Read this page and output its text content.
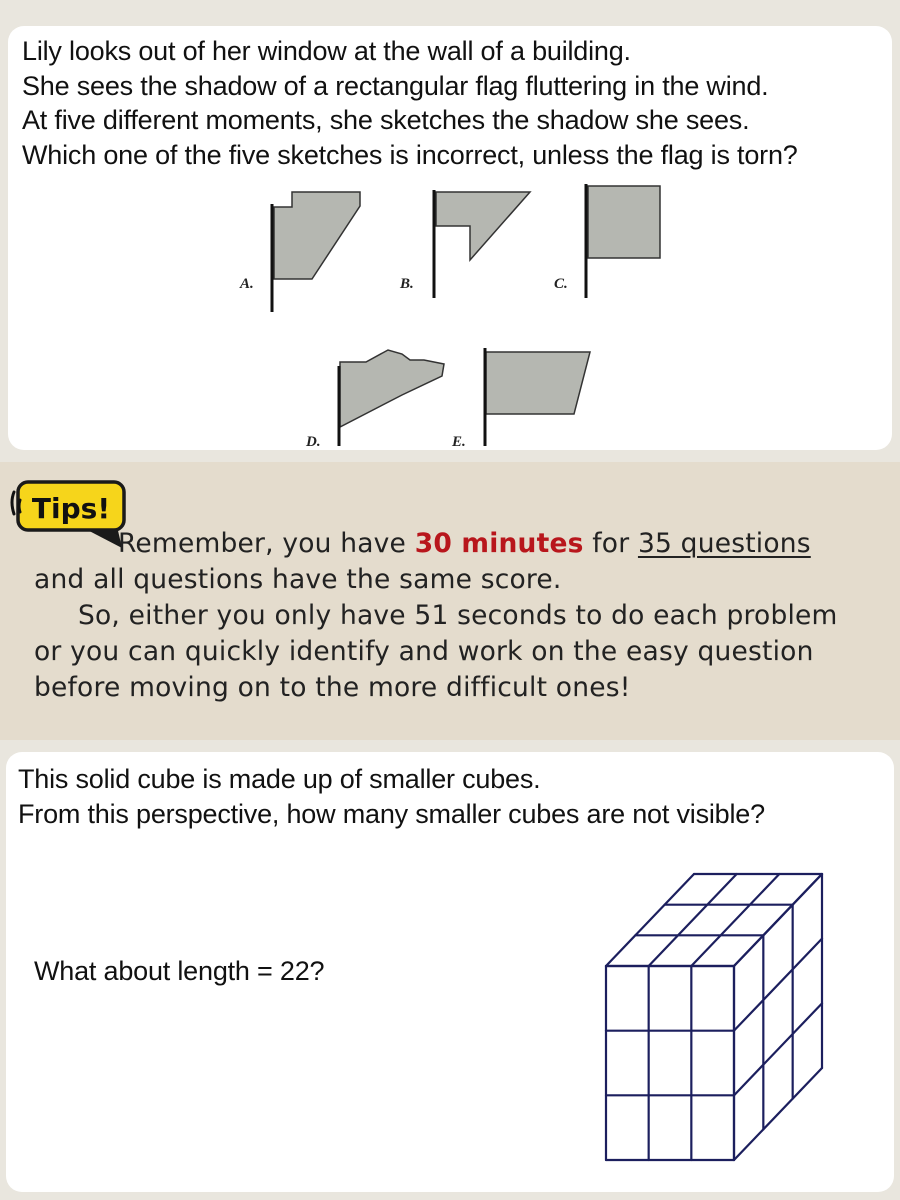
Lily looks out of her window at the wall of a building.
She sees the shadow of a rectangular flag fluttering in the wind.
At five different moments, she sketches the shadow she sees.
Which one of the five sketches is incorrect, unless the flag is torn?
A.	B.	C.
D.	E.
Tips!
Remember, you have 30 minutes for 35 questions
and all questions have the same score.
So, either you only have 51 seconds to do each problem
or you can quickly identify and work on the easy question
before moving on to the more difficult ones!
This solid cube is made up of smaller cubes.
From this perspective, how many smaller cubes are not visible?
What about length = 22?
